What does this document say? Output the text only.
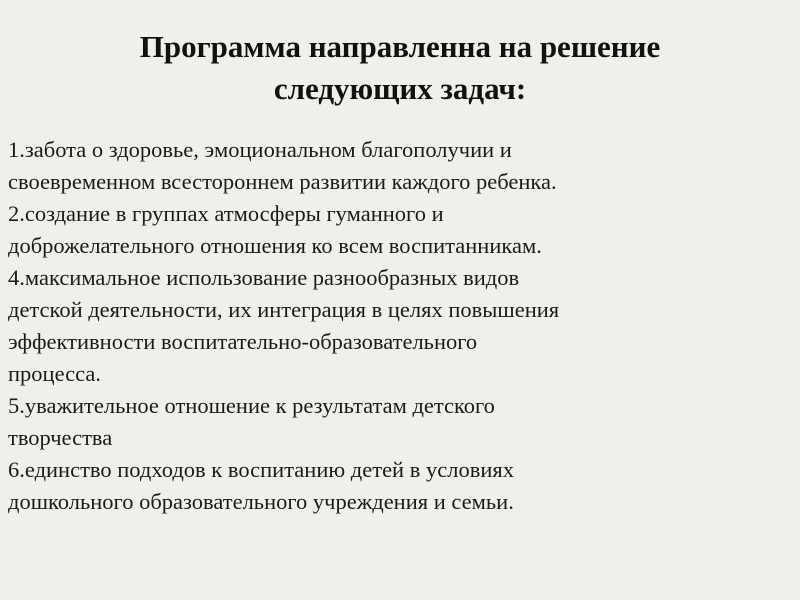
Программа направленна на решение
следующих задач:
1.забота о здоровье, эмоциональном благополучии и
своевременном всестороннем развитии каждого ребенка.
2.создание в группах атмосферы гуманного и
доброжелательного отношения ко всем воспитанникам.
4.максимальное использование разнообразных видов
детской деятельности, их интеграция в целях повышения
эффективности воспитательно-образовательного
процесса.
5.уважительное отношение к результатам детского
творчества
6.единство подходов к воспитанию детей в условиях
дошкольного образовательного учреждения и семьи.
